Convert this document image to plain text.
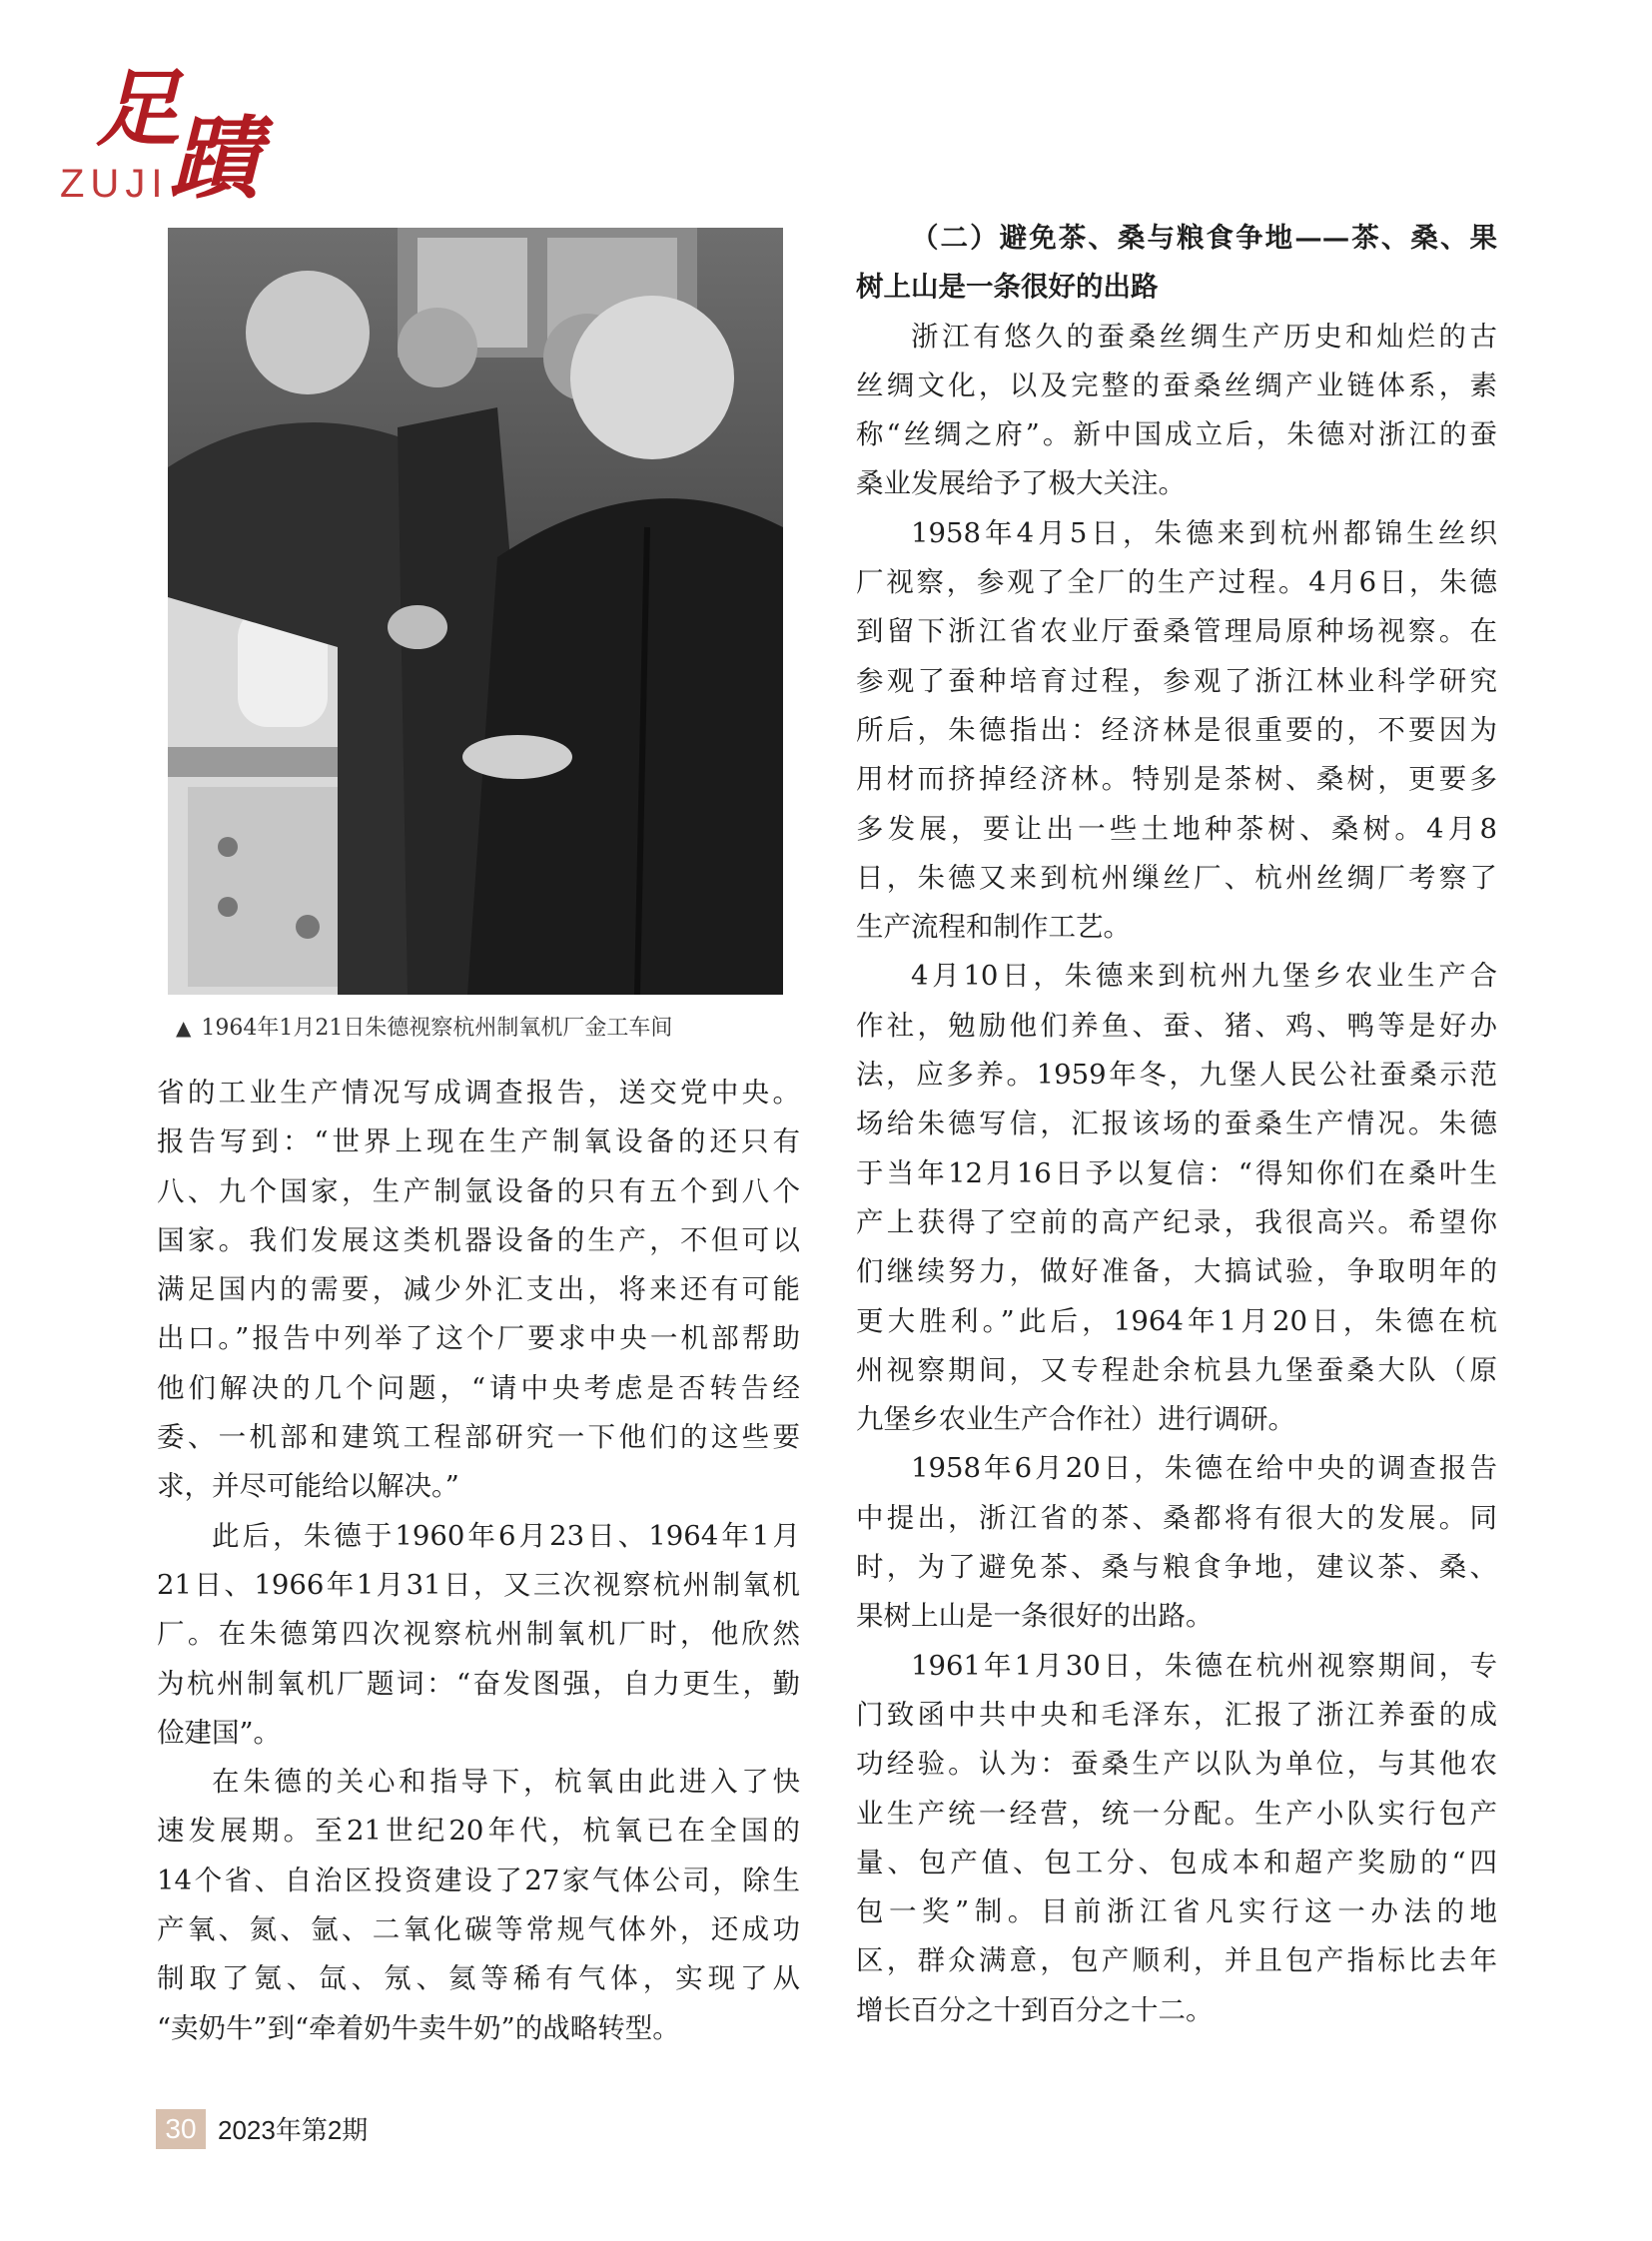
足蹟
ZUJI
▲ 1964年1月21日朱德视察杭州制氧机厂金工车间

省的工业生产情况写成调查报告，送交党中央。

报告写到：“世界上现在生产制氧设备的还只有

八、九个国家，生产制氩设备的只有五个到八个

国家。我们发展这类机器设备的生产，不但可以

满足国内的需要，减少外汇支出，将来还有可能

出口。”报告中列举了这个厂要求中央一机部帮助

他们解决的几个问题，“请中央考虑是否转告经

委、一机部和建筑工程部研究一下他们的这些要

求，并尽可能给以解决。”

此后，朱德于1960年6月23日、1964年1月

21日、1966年1月31日，又三次视察杭州制氧机

厂。在朱德第四次视察杭州制氧机厂时，他欣然

为杭州制氧机厂题词：“奋发图强，自力更生，勤

俭建国”。

在朱德的关心和指导下，杭氧由此进入了快

速发展期。至21世纪20年代，杭氧已在全国的

14个省、自治区投资建设了27家气体公司，除生

产氧、氮、氩、二氧化碳等常规气体外，还成功

制取了氪、氙、氖、氦等稀有气体，实现了从

“卖奶牛”到“牵着奶牛卖牛奶”的战略转型。

（二）避免茶、桑与粮食争地——茶、桑、果

树上山是一条很好的出路

浙江有悠久的蚕桑丝绸生产历史和灿烂的古

丝绸文化，以及完整的蚕桑丝绸产业链体系，素

称“丝绸之府”。新中国成立后，朱德对浙江的蚕

桑业发展给予了极大关注。

1958年4月5日，朱德来到杭州都锦生丝织

厂视察，参观了全厂的生产过程。4月6日，朱德

到留下浙江省农业厅蚕桑管理局原种场视察。在

参观了蚕种培育过程，参观了浙江林业科学研究

所后，朱德指出：经济林是很重要的，不要因为

用材而挤掉经济林。特别是茶树、桑树，更要多

多发展，要让出一些土地种茶树、桑树。4月8

日，朱德又来到杭州缫丝厂、杭州丝绸厂考察了

生产流程和制作工艺。

4月10日，朱德来到杭州九堡乡农业生产合

作社，勉励他们养鱼、蚕、猪、鸡、鸭等是好办

法，应多养。1959年冬，九堡人民公社蚕桑示范

场给朱德写信，汇报该场的蚕桑生产情况。朱德

于当年12月16日予以复信：“得知你们在桑叶生

产上获得了空前的高产纪录，我很高兴。希望你

们继续努力，做好准备，大搞试验，争取明年的

更大胜利。”此后，1964年1月20日，朱德在杭

州视察期间，又专程赴余杭县九堡蚕桑大队（原

九堡乡农业生产合作社）进行调研。

1958年6月20日，朱德在给中央的调查报告

中提出，浙江省的茶、桑都将有很大的发展。同

时，为了避免茶、桑与粮食争地，建议茶、桑、

果树上山是一条很好的出路。

1961年1月30日，朱德在杭州视察期间，专

门致函中共中央和毛泽东，汇报了浙江养蚕的成

功经验。认为：蚕桑生产以队为单位，与其他农

业生产统一经营，统一分配。生产小队实行包产

量、包产值、包工分、包成本和超产奖励的“四

包一奖”制。目前浙江省凡实行这一办法的地

区，群众满意，包产顺利，并且包产指标比去年

增长百分之十到百分之十二。

30 2023年第2期
